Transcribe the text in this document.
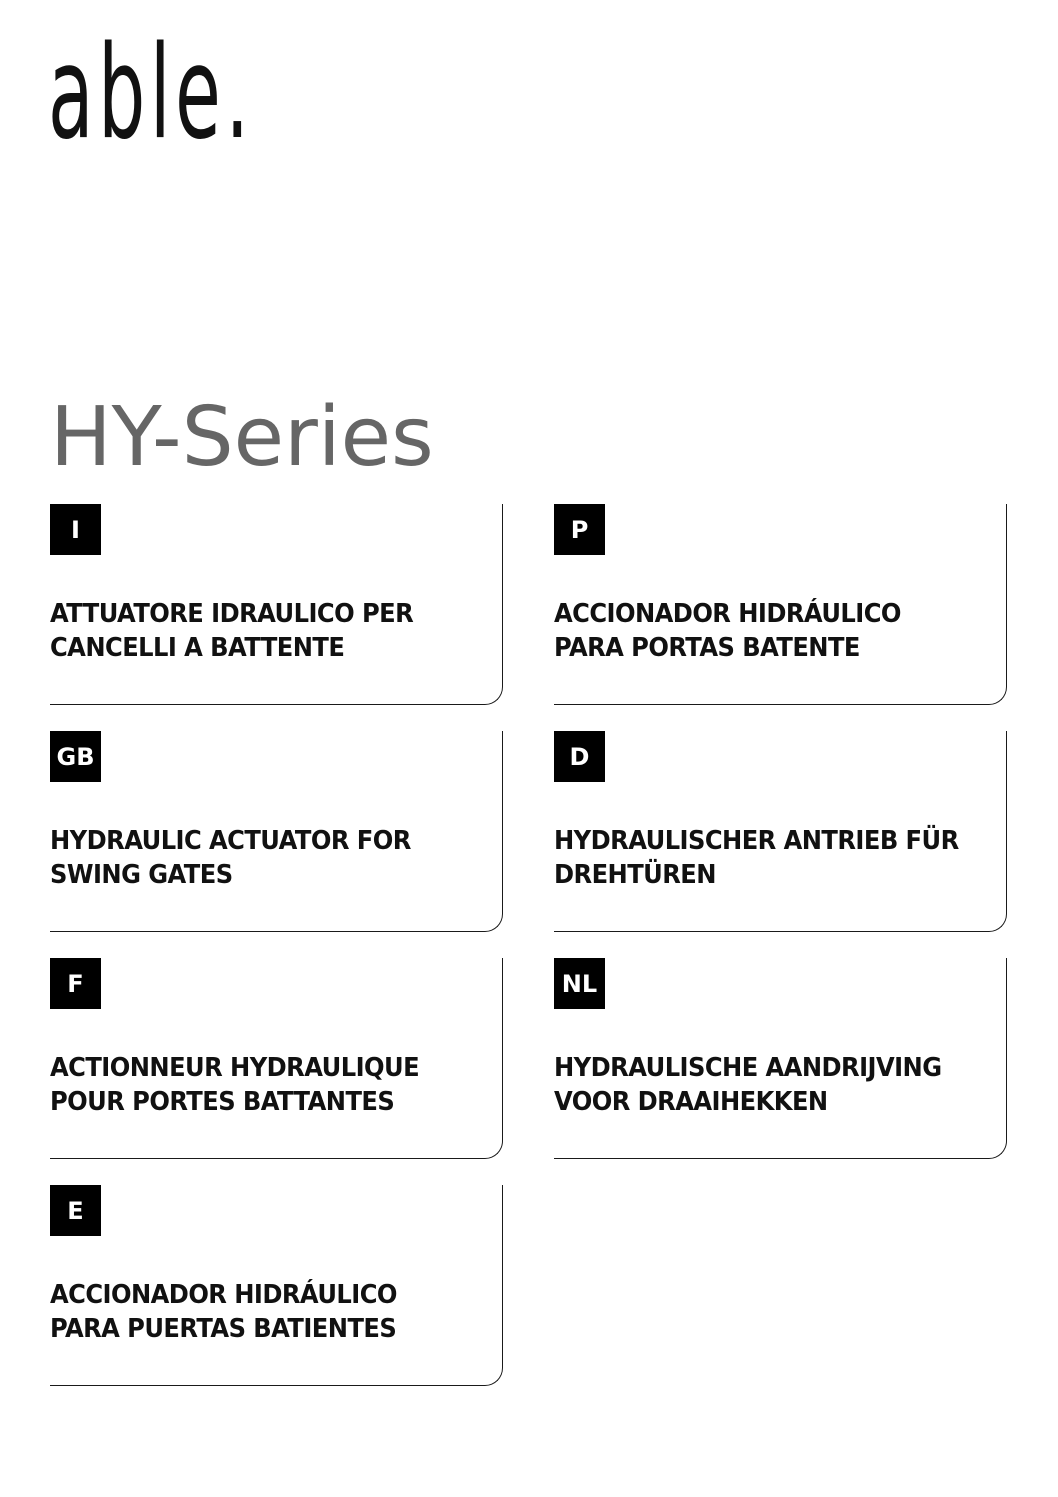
able.
HY-Series
I
ATTUATORE IDRAULICO PER
CANCELLI A BATTENTE
P
ACCIONADOR HIDRÁULICO
PARA PORTAS BATENTE
GB
HYDRAULIC ACTUATOR FOR
SWING GATES
D
HYDRAULISCHER ANTRIEB FÜR
DREHTÜREN
F
ACTIONNEUR HYDRAULIQUE
POUR PORTES BATTANTES
NL
HYDRAULISCHE AANDRIJVING
VOOR DRAAIHEKKEN
E
ACCIONADOR HIDRÁULICO
PARA PUERTAS BATIENTES
